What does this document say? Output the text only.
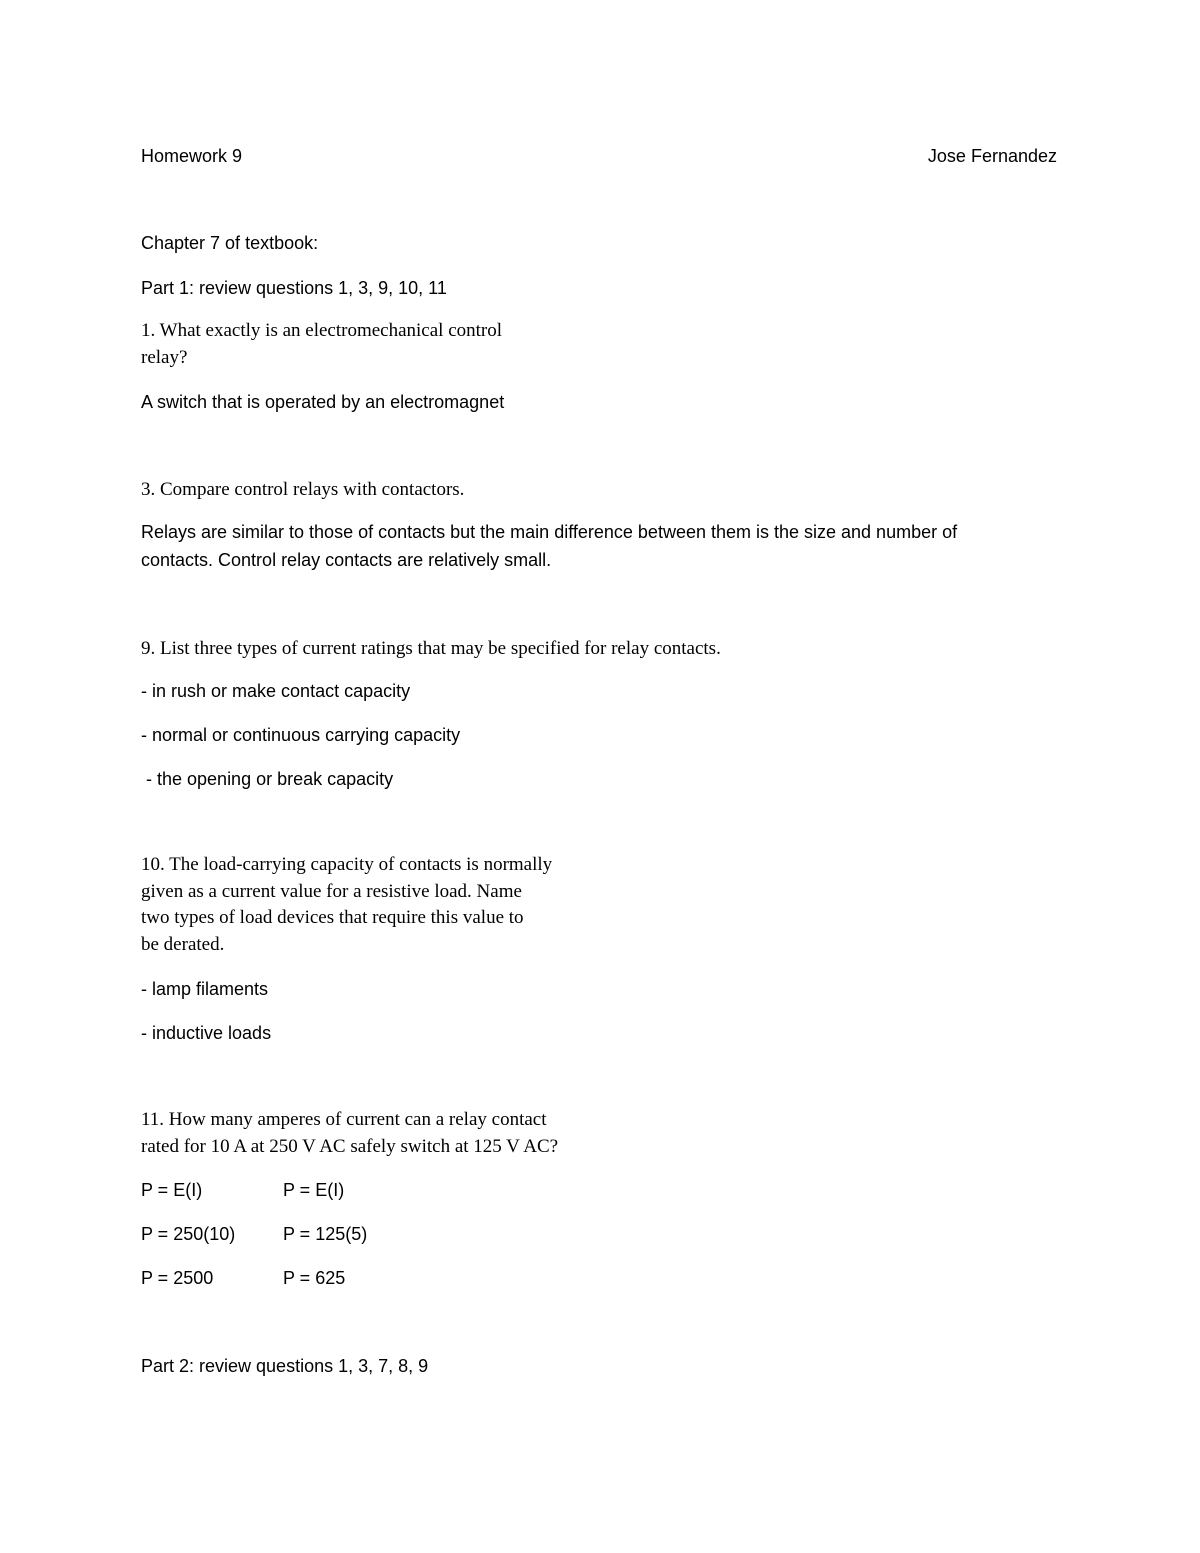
Homework 9	Jose Fernandez
Chapter 7 of textbook:
Part 1: review questions 1, 3, 9, 10, 11
1. What exactly is an electromechanical control
relay?
A switch that is operated by an electromagnet
3. Compare control relays with contactors.
Relays are similar to those of contacts but the main difference between them is the size and number of
contacts. Control relay contacts are relatively small.
9. List three types of current ratings that may be specified for relay contacts.
- in rush or make contact capacity
- normal or continuous carrying capacity
- the opening or break capacity
10. The load-carrying capacity of contacts is normally
given as a current value for a resistive load. Name
two types of load devices that require this value to
be derated.
- lamp filaments
- inductive loads
11. How many amperes of current can a relay contact
rated for 10 A at 250 V AC safely switch at 125 V AC?
P = E(I)	P = E(I)
P = 250(10)	P = 125(5)
P = 2500	P = 625
Part 2: review questions 1, 3, 7, 8, 9
